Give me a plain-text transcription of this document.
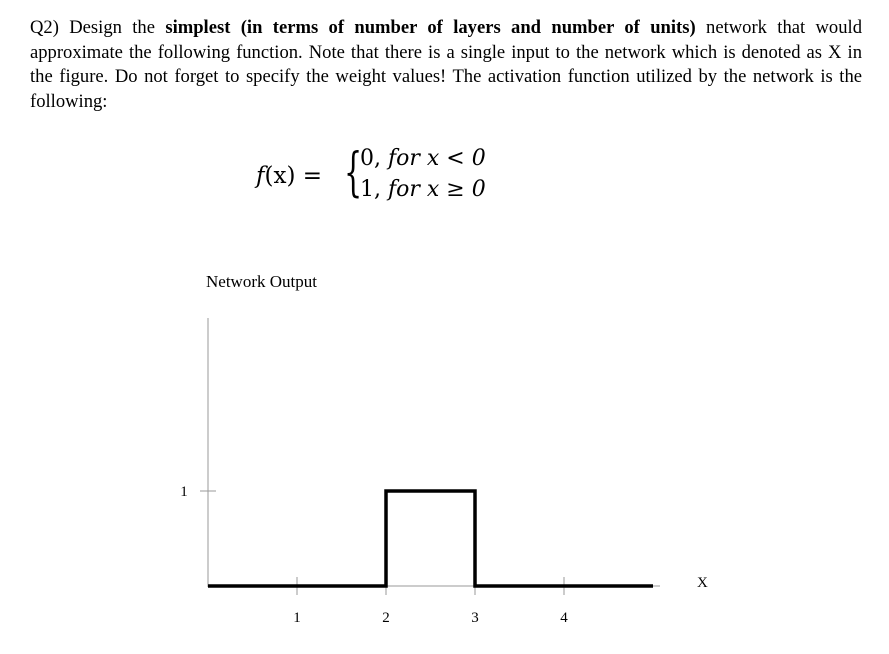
Q2) Design the simplest (in terms of number of layers and number of units) network that would approximate the following function. Note that there is a single input to the network which is denoted as X in the figure. Do not forget to specify the weight values! The activation function utilized by the network is the following:
f(x) = {
0, for x < 0
1, for x ≥ 0
Network Output
1	2	3	4
1
X
